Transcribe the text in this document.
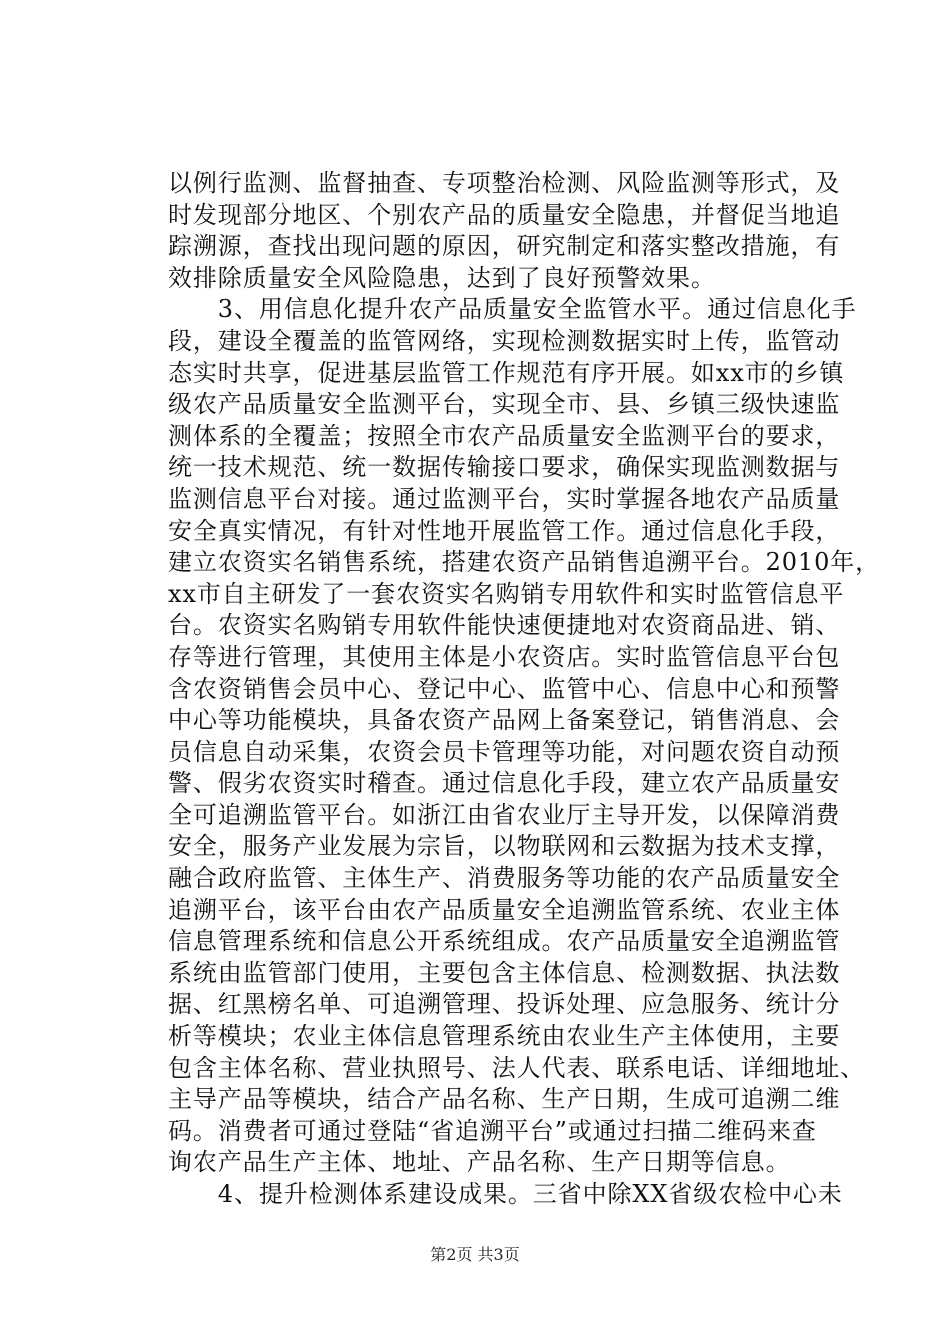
以例行监测、监督抽查、专项整治检测、风险监测等形式，及
时发现部分地区、个别农产品的质量安全隐患，并督促当地追
踪溯源，查找出现问题的原因，研究制定和落实整改措施，有
效排除质量安全风险隐患，达到了良好预警效果。
　　3、用信息化提升农产品质量安全监管水平。通过信息化手
段，建设全覆盖的监管网络，实现检测数据实时上传，监管动
态实时共享，促进基层监管工作规范有序开展。如xx市的乡镇
级农产品质量安全监测平台，实现全市、县、乡镇三级快速监
测体系的全覆盖；按照全市农产品质量安全监测平台的要求，
统一技术规范、统一数据传输接口要求，确保实现监测数据与
监测信息平台对接。通过监测平台，实时掌握各地农产品质量
安全真实情况，有针对性地开展监管工作。通过信息化手段，
建立农资实名销售系统，搭建农资产品销售追溯平台。2010年，
xx市自主研发了一套农资实名购销专用软件和实时监管信息平
台。农资实名购销专用软件能快速便捷地对农资商品进、销、
存等进行管理，其使用主体是小农资店。实时监管信息平台包
含农资销售会员中心、登记中心、监管中心、信息中心和预警
中心等功能模块，具备农资产品网上备案登记，销售消息、会
员信息自动采集，农资会员卡管理等功能，对问题农资自动预
警、假劣农资实时稽查。通过信息化手段，建立农产品质量安
全可追溯监管平台。如浙江由省农业厅主导开发，以保障消费
安全，服务产业发展为宗旨，以物联网和云数据为技术支撑，
融合政府监管、主体生产、消费服务等功能的农产品质量安全
追溯平台，该平台由农产品质量安全追溯监管系统、农业主体
信息管理系统和信息公开系统组成。农产品质量安全追溯监管
系统由监管部门使用，主要包含主体信息、检测数据、执法数
据、红黑榜名单、可追溯管理、投诉处理、应急服务、统计分
析等模块；农业主体信息管理系统由农业生产主体使用，主要
包含主体名称、营业执照号、法人代表、联系电话、详细地址、
主导产品等模块，结合产品名称、生产日期，生成可追溯二维
码。消费者可通过登陆“省追溯平台”或通过扫描二维码来查
询农产品生产主体、地址、产品名称、生产日期等信息。
　　4、提升检测体系建设成果。三省中除XX省级农检中心未
第2页 共3页
